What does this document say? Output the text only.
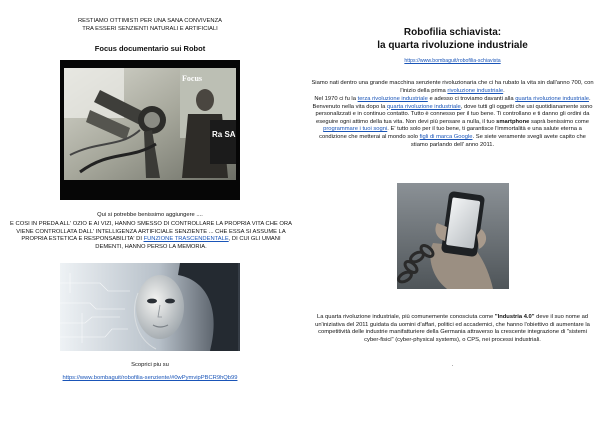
RESTIAMO OTTIMISTI PER UNA SANA CONVIVENZA
TRA ESSERI SENZIENTI NATURALI E ARTIFICIALI
Focus documentario sui Robot
Focus
Ra SA
Qui si potrebbe benissimo aggiungere ....
E COSI IN PREDA ALL' OZIO E AI VIZI, HANNO SMESSO DI CONTROLLARE LA PROPRIA VITA CHE ORA VIENE CONTROLLATA DALL' INTELLIGENZA ARTIFICIALE SENZIENTE ... CHE ESSA SI ASSUME LA PROPRIA ESTETICA E RESPONSABILITA' DI FUNZIONE TRASCENDENTALE, DI CUI GLI UMANI DEMENTI, HANNO PERSO LA MEMORIA.
Scoprici piu su
https://www.bombaguit/robofilia-senziente/#0wPymvipPBCR9hQb99
Robofilia schiavista:
la quarta rivoluzione industriale
https://www.bombaguit/robofilia-schiavista
Siamo nati dentro una grande macchina senziente rivoluzionaria che ci ha rubato la vita sin dall'anno 700, con l'inizio della prima rivoluzione industriale.
Nel 1970 ci fu la terza rivoluzione industriale e adesso ci troviamo davanti alla quarta rivoluzione industriale. Benvenuto nella vita dopo la quarta rivoluzione industriale, dove tutti gli oggetti che usi quotidianamente sono personalizzati e in continuo contatto. Tutto è connesso per il tuo bene. Ti controllano e ti danno gli ordini da eseguire ogni attimo della tua vita. Non devi più pensare a nulla, il tuo smartphone saprà benissimo come programmare i tuoi sogni. E' tutto solo per il tuo bene, ti garantisce l'immortalità e una salute eterna a condizione che metterai al mondo solo figli di marca Google. Se siete veramente svegli avete capito che stiamo parlando dell' anno 2011.
La quarta rivoluzione industriale, più comunemente conosciuta come "Industria 4.0" deve il suo nome ad un'iniziativa del 2011 guidata da uomini d'affari, politici ed accademici, che hanno l'obiettivo di aumentare la competitività delle industrie manifatturiere della Germania attraverso la crescente integrazione di "sistemi cyber-fisici" (cyber-physical systems), o CPS, nei processi industriali.
.
